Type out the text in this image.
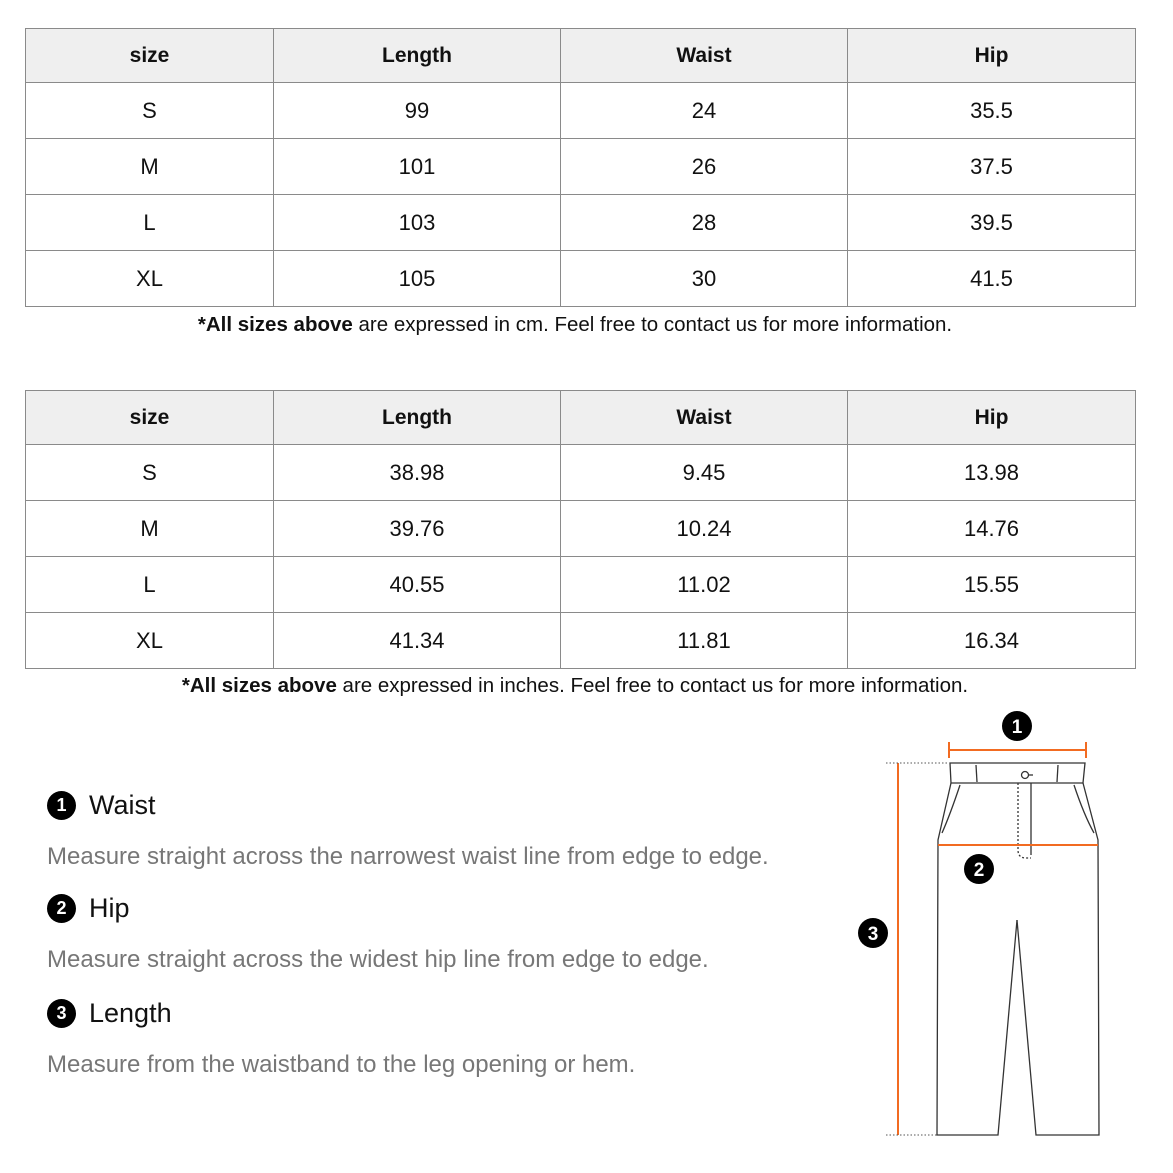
size	Length	Waist	Hip
S	99	24	35.5
M	101	26	37.5
L	103	28	39.5
XL	105	30	41.5
*All sizes above are expressed in cm. Feel free to contact us for more information.
size	Length	Waist	Hip
S	38.98	9.45	13.98
M	39.76	10.24	14.76
L	40.55	11.02	15.55
XL	41.34	11.81	16.34
*All sizes above are expressed in inches. Feel free to contact us for more information.
1 Waist
Measure straight across the narrowest waist line from edge to edge.
2 Hip
Measure straight across the widest hip line from edge to edge.
3 Length
Measure from the waistband to the leg opening or hem.
1
2
3
